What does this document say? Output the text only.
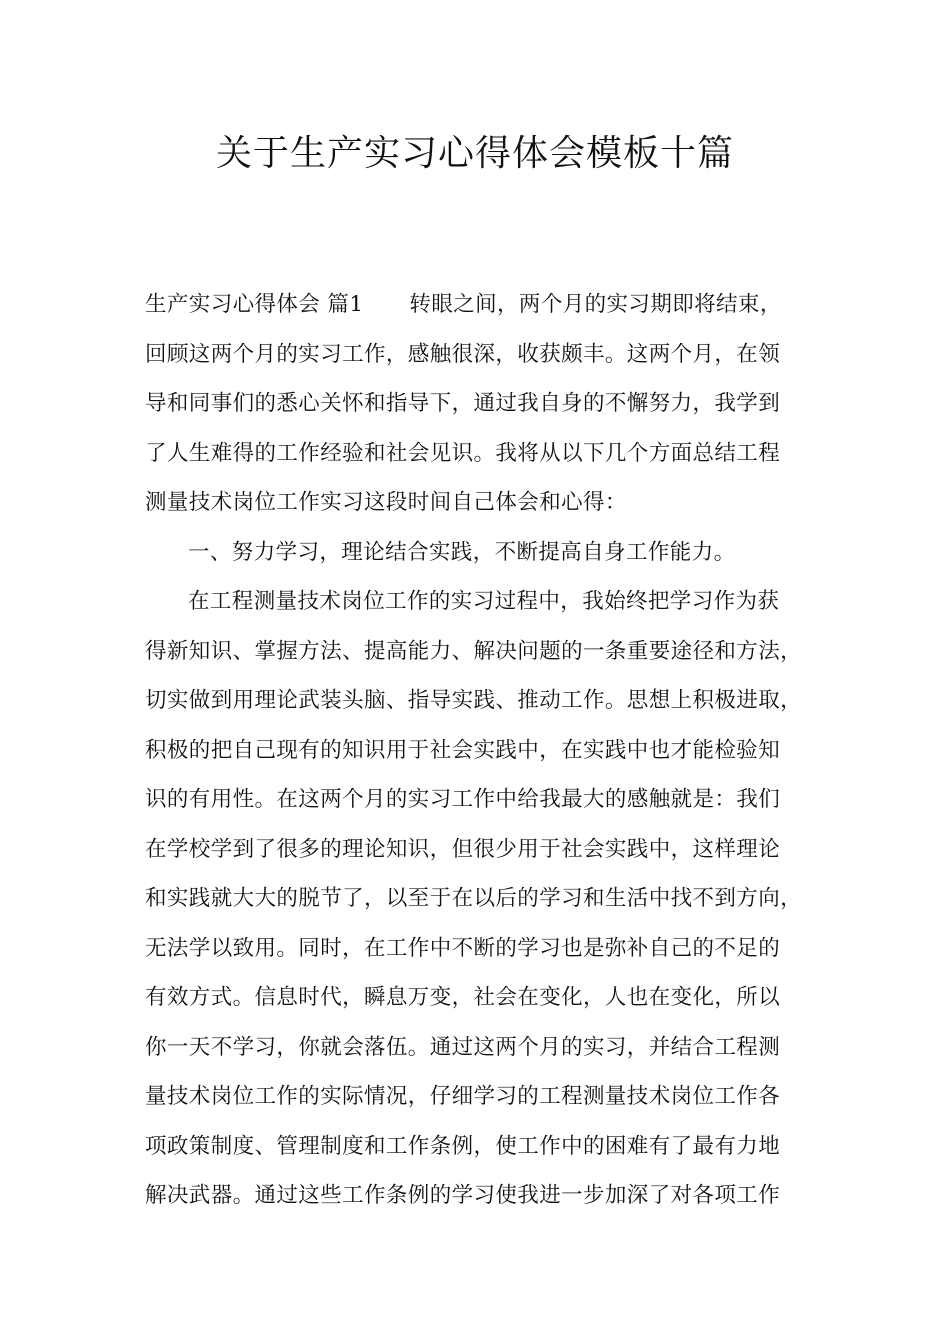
关于生产实习心得体会模板十篇
生产实习心得体会 篇1 转眼之间，两个月的实习期即将结束，
回顾这两个月的实习工作，感触很深，收获颇丰。这两个月，在领
导和同事们的悉心关怀和指导下，通过我自身的不懈努力，我学到
了人生难得的工作经验和社会见识。我将从以下几个方面总结工程
测量技术岗位工作实习这段时间自己体会和心得：
一、努力学习，理论结合实践，不断提高自身工作能力。
在工程测量技术岗位工作的实习过程中，我始终把学习作为获
得新知识、掌握方法、提高能力、解决问题的一条重要途径和方法，
切实做到用理论武装头脑、指导实践、推动工作。思想上积极进取，
积极的把自己现有的知识用于社会实践中，在实践中也才能检验知
识的有用性。在这两个月的实习工作中给我最大的感触就是：我们
在学校学到了很多的理论知识，但很少用于社会实践中，这样理论
和实践就大大的脱节了，以至于在以后的学习和生活中找不到方向，
无法学以致用。同时，在工作中不断的学习也是弥补自己的不足的
有效方式。信息时代，瞬息万变，社会在变化，人也在变化，所以
你一天不学习，你就会落伍。通过这两个月的实习，并结合工程测
量技术岗位工作的实际情况，仔细学习的工程测量技术岗位工作各
项政策制度、管理制度和工作条例，使工作中的困难有了最有力地
解决武器。通过这些工作条例的学习使我进一步加深了对各项工作
